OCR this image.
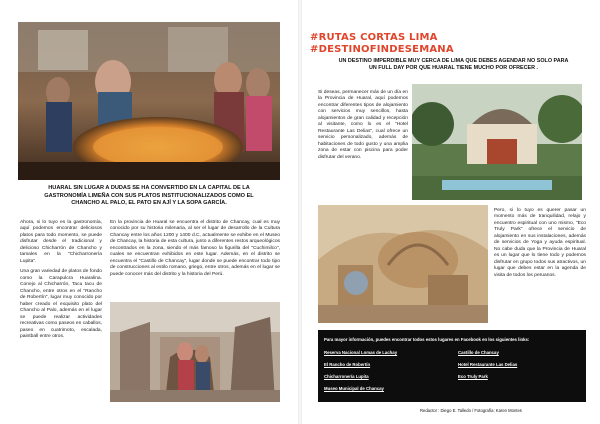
HUARAL SIN LUGAR A DUDAS SE HA CONVERTIDO EN LA CAPITAL DE LA GASTRONOMÍA LIMEÑA CON SUS PLATOS INSTITUCIONALIZADOS COMO EL CHANCHO AL PALO, EL PATO EN AJÍ Y LA SOPA GARCÍA.

Ahora, si lo tuyo es la gastronomía, aquí podemos encontrar deliciosos platos para todo momento, se puede disfrutar desde el tradicional y delicioso Chicharrón de Chancho y tamales en la "Chicharronería Lupita".

Una gran variedad de platos de fondo como la Carapulcra Huaralina. Conejo al Chicharrón, Tacu tacu de Chancho, entre otros en el "Rancho de Robertín", lugar muy conocido por haber creado el exquisito plato del Chancho al Palo, además en el lugar se puede realizar actividades recreativas como paseos en caballos, paseo en cuatrimoto, escalada, paintball entre otros.

En la provincia de Huaral se encuentra el distrito de Chancay, cual es muy conocido por su historia milenaria, al ser el lugar de desarrollo de la Cultura Chancay entre los años 1200 y 1400 d.C, actualmente se exhibe en el Museo de Chancay, la historia de esta cultura, junto a diferentes restos arqueológicos encontrados en la zona, siendo el más famoso la figurilla del "Cuchimilco", cuales se encuentran exhibidos en este lugar. Además, en el distrito se encuentra el "Castillo de Chancay", lugar donde se puede encontrar todo tipo de construcciones al estilo romano, griego, entre otros, además en el lugar se puede conocer más del distrito y la historia del Perú.

#RUTAS CORTAS LIMA
#DESTINOFINDESEMANA
UN DESTINO IMPERDIBLE MUY CERCA DE LIMA QUE DEBES AGENDAR NO SOLO PARA UN FULL DAY POR QUE HUARAL TIENE MUCHO POR OFRECER .

Si deseas, permanecer más de un día en la Provincia de Huaral, aquí podemos encontrar diferentes tipos de alojamiento con servicios muy sencillos, hasta alojamientos de gran calidad y recepción al visitante, como lo es el "Hotel Restaurante Las Delias", cual ofrece un servicio personalizado, además de habitaciones de todo gusto y una amplia zona de estar con piscina para poder disfrutar del verano.

Pero, si lo tuyo es querer pasar un momento más de tranquilidad, relajo y encuentro espiritual con uno mismo, "Eco Truly Park" ofrece el servicio de alojamiento en sus instalaciones, además de servicios de Yoga y ayuda espiritual. No cabe duda que la Provincia de Huaral es un lugar que lo tiene todo y podemos disfrutar en grupo todos sus atractivos, un lugar que debes estar en la agenda de visita de todos los peruanos.

Para mayor información, puedes encontrar todos estos lugares en Facebook en los siguientes links:
Reserva Nacional Lomas de Lachay
El Rancho de Robertín
Chicharronería Lupita
Museo Municipal de Chancay
Castillo de Chancay
Hotel Restaurante Las Delias
Eco Truly Park
Redactor : Diego E. Talledo / Fotografía: Karen Montes
